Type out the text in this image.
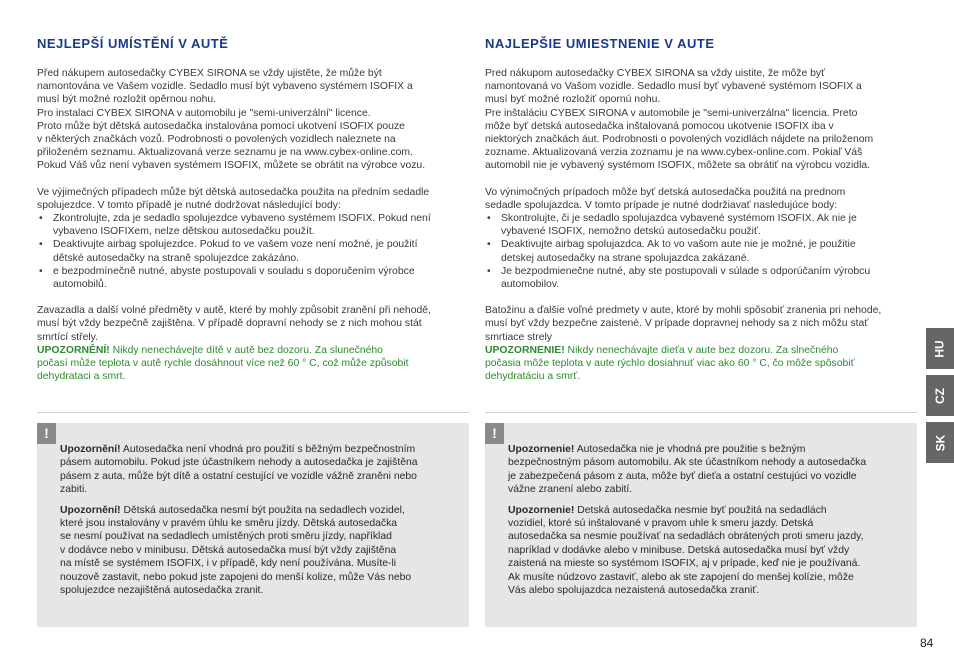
NEJLEPŠÍ UMÍSTĚNÍ V AUTĚ

Před nákupem autosedačky CYBEX SIRONA se vždy ujistěte, že může být
namontována ve Vašem vozidle. Sedadlo musí být vybaveno systémem ISOFIX a
musí být možné rozložit opěrnou nohu.
Pro instalaci CYBEX SIRONA v automobilu je "semi-univerzální" licence.
Proto může být dětská autosedačka instalována pomocí ukotvení ISOFIX pouze
v některých značkách vozů. Podrobnosti o povolených vozidlech naleznete na
přiloženém seznamu. Aktualizovaná verze seznamu je na www.cybex-online.com.
Pokud Váš vůz není vybaven systémem ISOFIX, můžete se obrátit na výrobce vozu.

Ve výjimečných případech může být dětská autosedačka použita na předním sedadle
spolujezdce. V tomto případě je nutné dodržovat následující body:

• Zkontrolujte, zda je sedadlo spolujezdce vybaveno systémem ISOFIX. Pokud není
vybaveno ISOFIXem, nelze dětskou autosedačku použít.
• Deaktivujte airbag spolujezdce. Pokud to ve vašem voze není možné, je použití
dětské autosedačky na straně spolujezdce zakázáno.
• e bezpodmínečně nutné, abyste postupovali v souladu s doporučením výrobce
automobilů.

Zavazadla a další volné předměty v autě, které by mohly způsobit zranění při nehodě,
musí být vždy bezpečně zajištěna. V případě dopravní nehody se z nich mohou stát
smrtící střely.

UPOZORNĚNÍ! Nikdy nenechávejte dítě v autě bez dozoru. Za slunečného
počasí může teplota v autě rychle dosáhnout více než 60 ° C, což může způsobit
dehydrataci a smrt.

NAJLEPŠIE UMIESTNENIE V AUTE

Pred nákupom autosedačky CYBEX SIRONA sa vždy uistite, že môže byť
namontovaná vo Vašom vozidle. Sedadlo musí byť vybavené systémom ISOFIX a
musí byť možné rozložiť opornú nohu.
Pre inštaláciu CYBEX SIRONA v automobile je "semi-univerzálna" licencia. Preto
môže byť detská autosedačka inštalovaná pomocou ukotvenie ISOFIX iba v
niektorých značkách áut. Podrobnosti o povolených vozidlách nájdete na priloženom
zozname. Aktualizovaná verzia zoznamu je na www.cybex-online.com. Pokiaľ Váš
automobil nie je vybavený systémom ISOFIX, môžete sa obrátiť na výrobcu vozidla.

Vo výnimočných prípadoch môže byť detská autosedačka použitá na prednom
sedadle spolujazdca. V tomto prípade je nutné dodržiavať nasledujúce body:

• Skontrolujte, či je sedadlo spolujazdca vybavené systémom ISOFIX. Ak nie je
vybavené ISOFIX, nemožno detskú autosedačku použiť.
• Deaktivujte airbag spolujazdca. Ak to vo vašom aute nie je možné, je použitie
detskej autosedačky na strane spolujazdca zakázané.
• Je bezpodmienečne nutné, aby ste postupovali v súlade s odporúčaním výrobcu
automobilov.

Batožinu a ďalšie voľné predmety v aute, ktoré by mohli spôsobiť zranenia pri nehode,
musí byť vždy bezpečne zaistené. V prípade dopravnej nehody sa z nich môžu stať
smrtiace strely

UPOZORNENIE! Nikdy nenechávajte dieťa v aute bez dozoru. Za slnečného
počasia môže teplota v aute rýchlo dosiahnuť viac ako 60 ° C, čo môže spôsobiť
dehydratáciu a smrť.

!

Upozornění! Autosedačka není vhodná pro použití s běžným bezpečnostním
pásem automobilu. Pokud jste účastníkem nehody a autosedačka je zajištěna
pásem z auta, může být dítě a ostatní cestující ve vozidle vážně zraněni nebo
zabiti.

Upozornění! Dětská autosedačka nesmí být použita na sedadlech vozidel,
které jsou instalovány v pravém úhlu ke směru jízdy. Dětská autosedačka
se nesmí používat na sedadlech umístěných proti směru jízdy, například
v dodávce nebo v minibusu. Dětská autosedačka musí být vždy zajištěna
na místě se systémem ISOFIX, i v případě, kdy není používána. Musíte-li
nouzově zastavit, nebo pokud jste zapojeni do menší kolize, může Vás nebo
spolujezdce nezajištěná autosedačka zranit.

!

Upozornenie! Autosedačka nie je vhodná pre použitie s bežným
bezpečnostným pásom automobilu. Ak ste účastníkom nehody a autosedačka
je zabezpečená pásom z auta, môže byť dieťa a ostatní cestujúci vo vozidle
vážne zranení alebo zabití.

Upozornenie! Detská autosedačka nesmie byť použitá na sedadlách
vozidiel, ktoré sú inštalované v pravom uhle k smeru jazdy. Detská
autosedačka sa nesmie používať na sedadlách obrátených proti smeru jazdy,
napríklad v dodávke alebo v minibuse. Detská autosedačka musí byť vždy
zaistená na mieste so systémom ISOFIX, aj v prípade, keď nie je používaná.
Ak musíte núdzovo zastaviť, alebo ak ste zapojení do menšej kolízie, môže
Vás alebo spolujazdca nezaistená autosedačka zraniť.

HU
CZ
SK
84
